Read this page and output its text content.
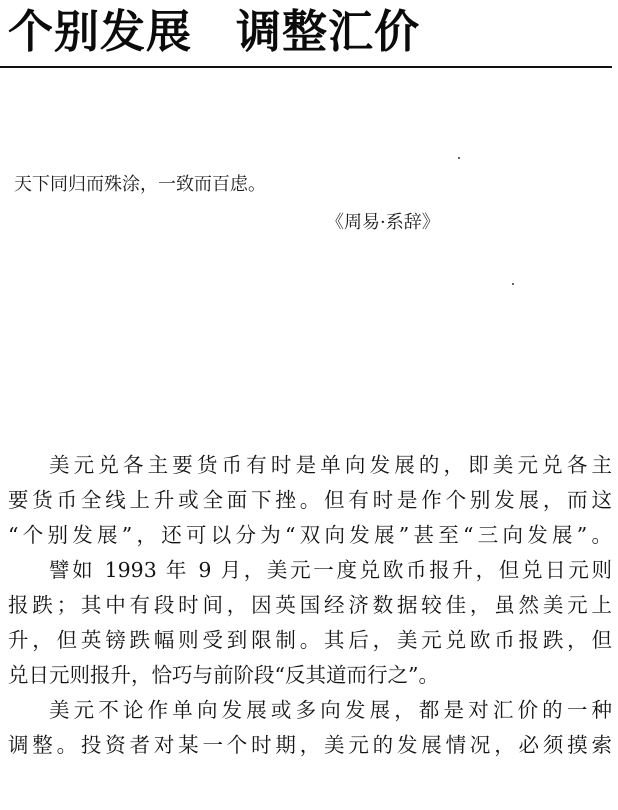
个别发展 调整汇价
天下同归而殊涂，一致而百虑。
《周易·系辞》

美元兑各主要货币有时是单向发展的，即美元兑各主
要货币全线上升或全面下挫。但有时是作个别发展，而这
“个别发展”，还可以分为“双向发展”甚至“三向发展”。

譬如 1993 年 9 月，美元一度兑欧币报升，但兑日元则
报跌；其中有段时间，因英国经济数据较佳，虽然美元上
升，但英镑跌幅则受到限制。其后，美元兑欧币报跌，但
兑日元则报升，恰巧与前阶段“反其道而行之”。

美元不论作单向发展或多向发展，都是对汇价的一种
调整。投资者对某一个时期，美元的发展情况，必须摸索
